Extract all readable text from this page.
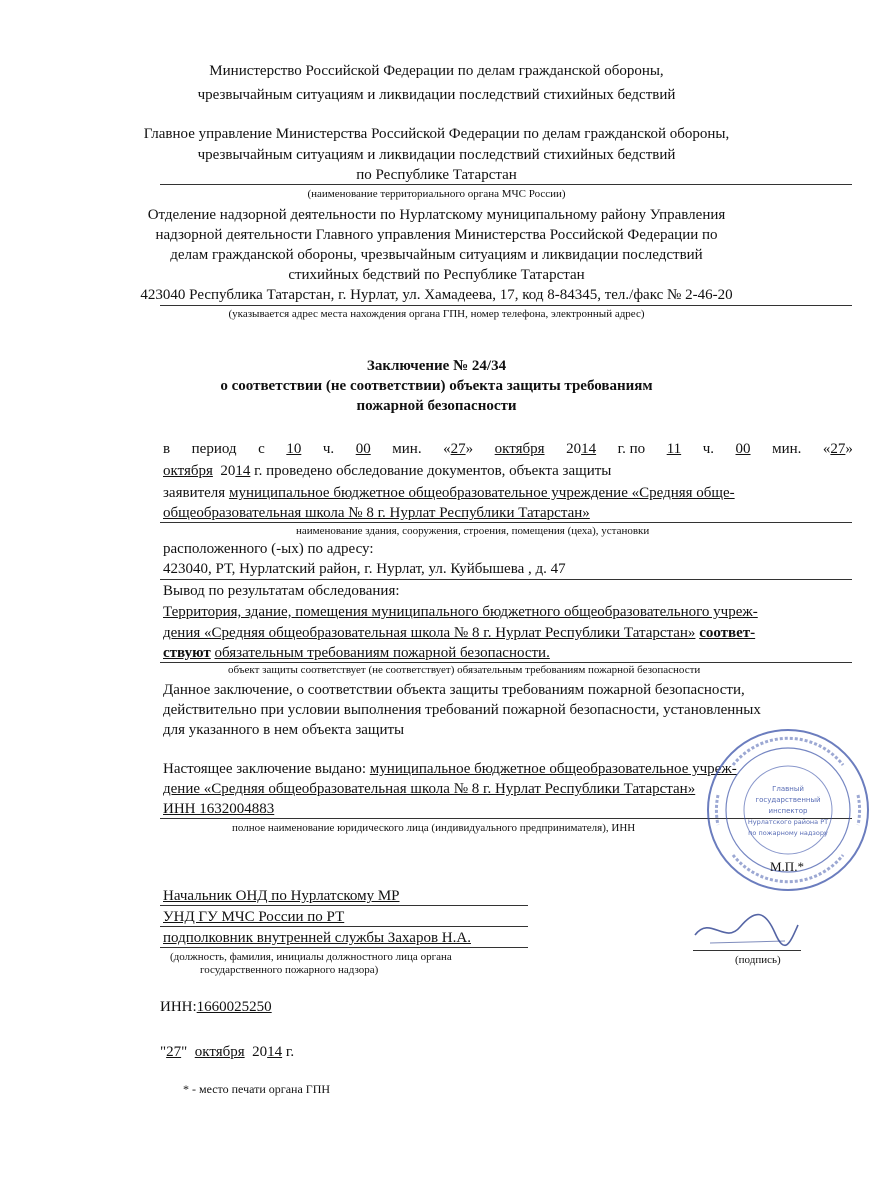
Министерство Российской Федерации по делам гражданской обороны,
чрезвычайным ситуациям и ликвидации последствий стихийных бедствий
Главное управление Министерства Российской Федерации по делам гражданской обороны,
чрезвычайным ситуациям и ликвидации последствий стихийных бедствий
по Республике Татарстан
(наименование территориального органа МЧС России)
Отделение надзорной деятельности по Нурлатскому муниципальному району Управления
надзорной деятельности Главного управления Министерства Российской Федерации по
делам гражданской обороны, чрезвычайным ситуациям и ликвидации последствий
стихийных бедствий по Республике Татарстан
423040 Республика Татарстан, г. Нурлат, ул. Хамадеева, 17, код 8-84345, тел./факс № 2-46-20
(указывается адрес места нахождения органа ГПН, номер телефона, электронный адрес)
Заключение № 24/34
о соответствии (не соответствии) объекта защиты требованиям
пожарной безопасности
в период с 10 ч. 00 мин. «27» октября 2014 г. по 11 ч. 00 мин. «27»
октября 2014 г. проведено обследование документов, объекта защиты
заявителя муниципальное бюджетное общеобразовательное учреждение «Средняя обще-
общеобразовательная школа № 8 г. Нурлат Республики Татарстан»
наименование здания, сооружения, строения, помещения (цеха), установки
расположенного (-ых) по адресу:
423040, РТ, Нурлатский район, г. Нурлат, ул. Куйбышева , д. 47
Вывод по результатам обследования:
Территория, здание, помещения муниципального бюджетного общеобразовательного учреж-
дения «Средняя общеобразовательная школа № 8 г. Нурлат Республики Татарстан» соответ-
ствуют обязательным требованиям пожарной безопасности.
объект защиты соответствует (не соответствует) обязательным требованиям пожарной безопасности
Данное заключение, о соответствии объекта защиты требованиям пожарной безопасности,
действительно при условии выполнения требований пожарной безопасности, установленных
для указанного в нем объекта защиты
Настоящее заключение выдано: муниципальное бюджетное общеобразовательное учреж-
дение «Средняя общеобразовательная школа № 8 г. Нурлат Республики Татарстан»
ИНН 1632004883
полное наименование юридического лица (индивидуального предпринимателя), ИНН
Главный
государственный
инспектор
Нурлатского района РТ
по пожарному надзору
М.П.*
Начальник ОНД по Нурлатскому МР
УНД ГУ МЧС России по РТ
подполковник внутренней службы Захаров Н.А.
(должность, фамилия, инициалы должностного лица органа
государственного пожарного надзора)
(подпись)
ИНН:1660025250
"27" октября 2014 г.
* - место печати органа ГПН
